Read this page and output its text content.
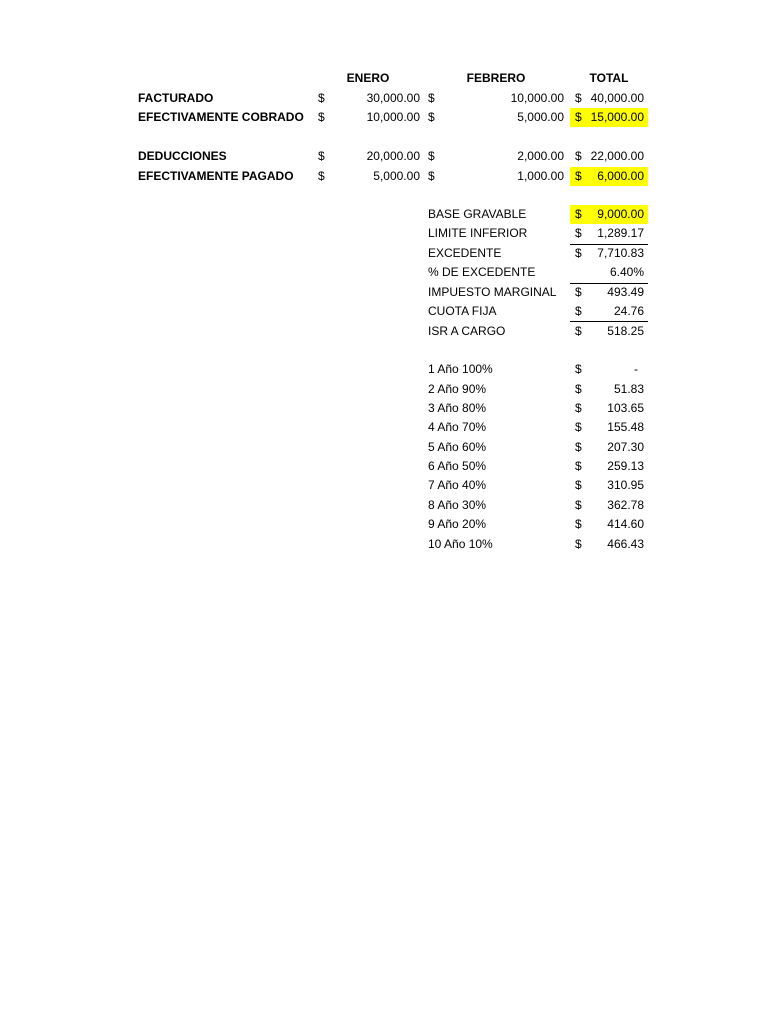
ENERO	FEBRERO	TOTAL
FACTURADO	$	30,000.00 $	10,000.00 $ 40,000.00
EFECTIVAMENTE COBRADO $	10,000.00 $	5,000.00 $ 15,000.00
DEDUCCIONES	$	20,000.00 $	2,000.00 $ 22,000.00
EFECTIVAMENTE PAGADO $	5,000.00 $	1,000.00 $	6,000.00
BASE GRAVABLE	$	9,000.00
LIMITE INFERIOR	$	1,289.17
EXCEDENTE	$	7,710.83
% DE EXCEDENTE	6.40%
IMPUESTO MARGINAL $	493.49
CUOTA FIJA	$	24.76
ISR A CARGO	$	518.25
1 Año 100%	$	-
2 Año 90%	$	51.83
3 Año 80%	$	103.65
4 Año 70%	$	155.48
5 Año 60%	$	207.30
6 Año 50%	$	259.13
7 Año 40%	$	310.95
8 Año 30%	$	362.78
9 Año 20%	$	414.60
10 Año 10%	$	466.43
